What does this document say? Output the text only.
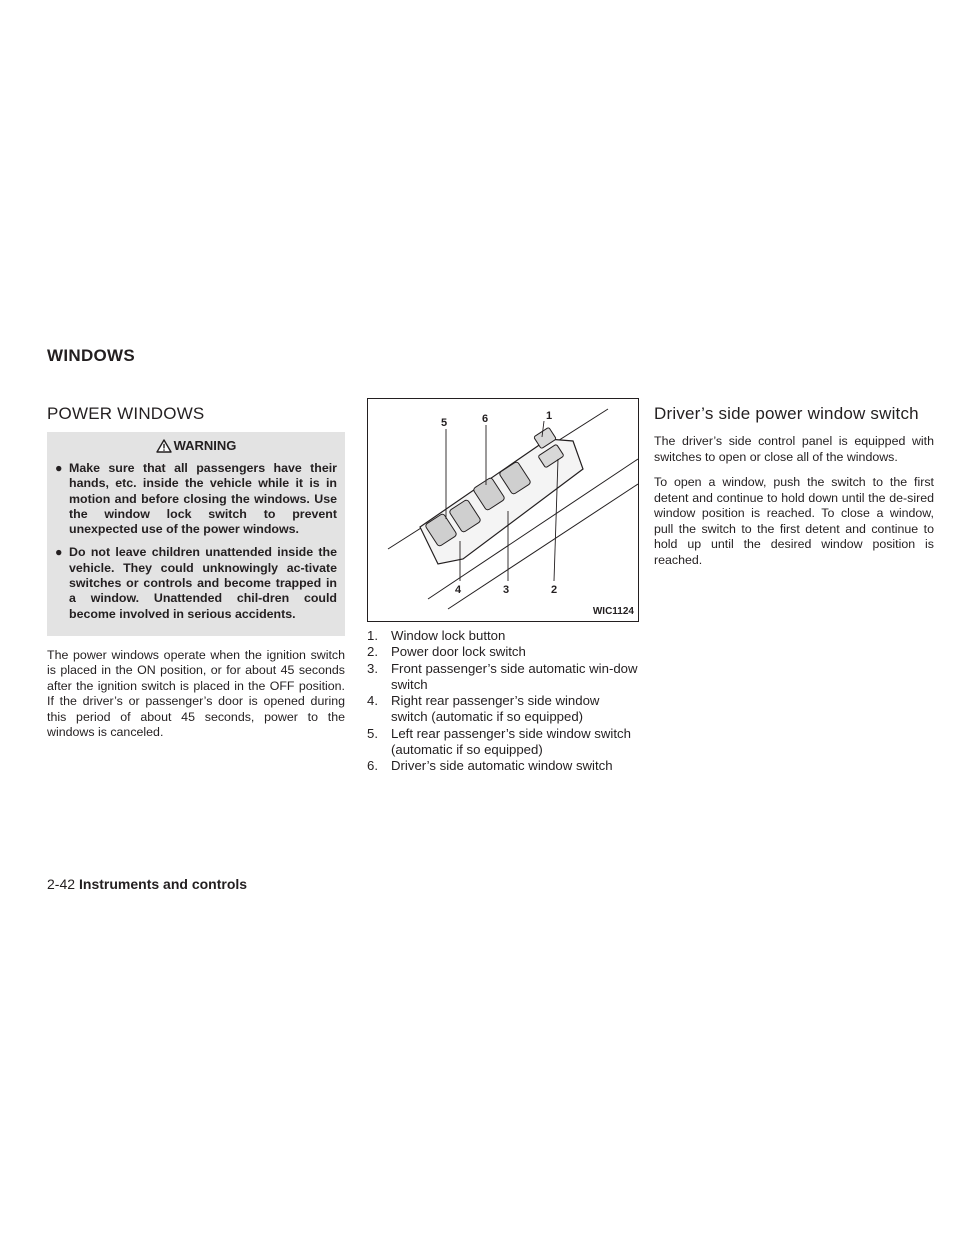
WINDOWS
POWER WINDOWS
WARNING
● Make sure that all passengers have their hands, etc. inside the vehicle while it is in motion and before closing the windows. Use the window lock switch to prevent unexpected use of the power windows.
● Do not leave children unattended inside the vehicle. They could unknowingly ac-tivate switches or controls and become trapped in a window. Unattended chil-dren could become involved in serious accidents.

The power windows operate when the ignition switch is placed in the ON position, or for about 45 seconds after the ignition switch is placed in the OFF position. If the driver’s or passenger’s door is opened during this period of about 45 seconds, power to the windows is canceled.

5	6	1
4	3	2
WIC1124
1. Window lock button
2. Power door lock switch
3. Front passenger’s side automatic win-dow switch
4. Right rear passenger’s side window switch (automatic if so equipped)
5. Left rear passenger’s side window switch (automatic if so equipped)
6. Driver’s side automatic window switch
Driver’s side power window switch

The driver’s side control panel is equipped with switches to open or close all of the windows.

To open a window, push the switch to the first detent and continue to hold down until the de-sired window position is reached. To close a window, pull the switch to the first detent and continue to hold up until the desired window position is reached.

2-42 Instruments and controls
